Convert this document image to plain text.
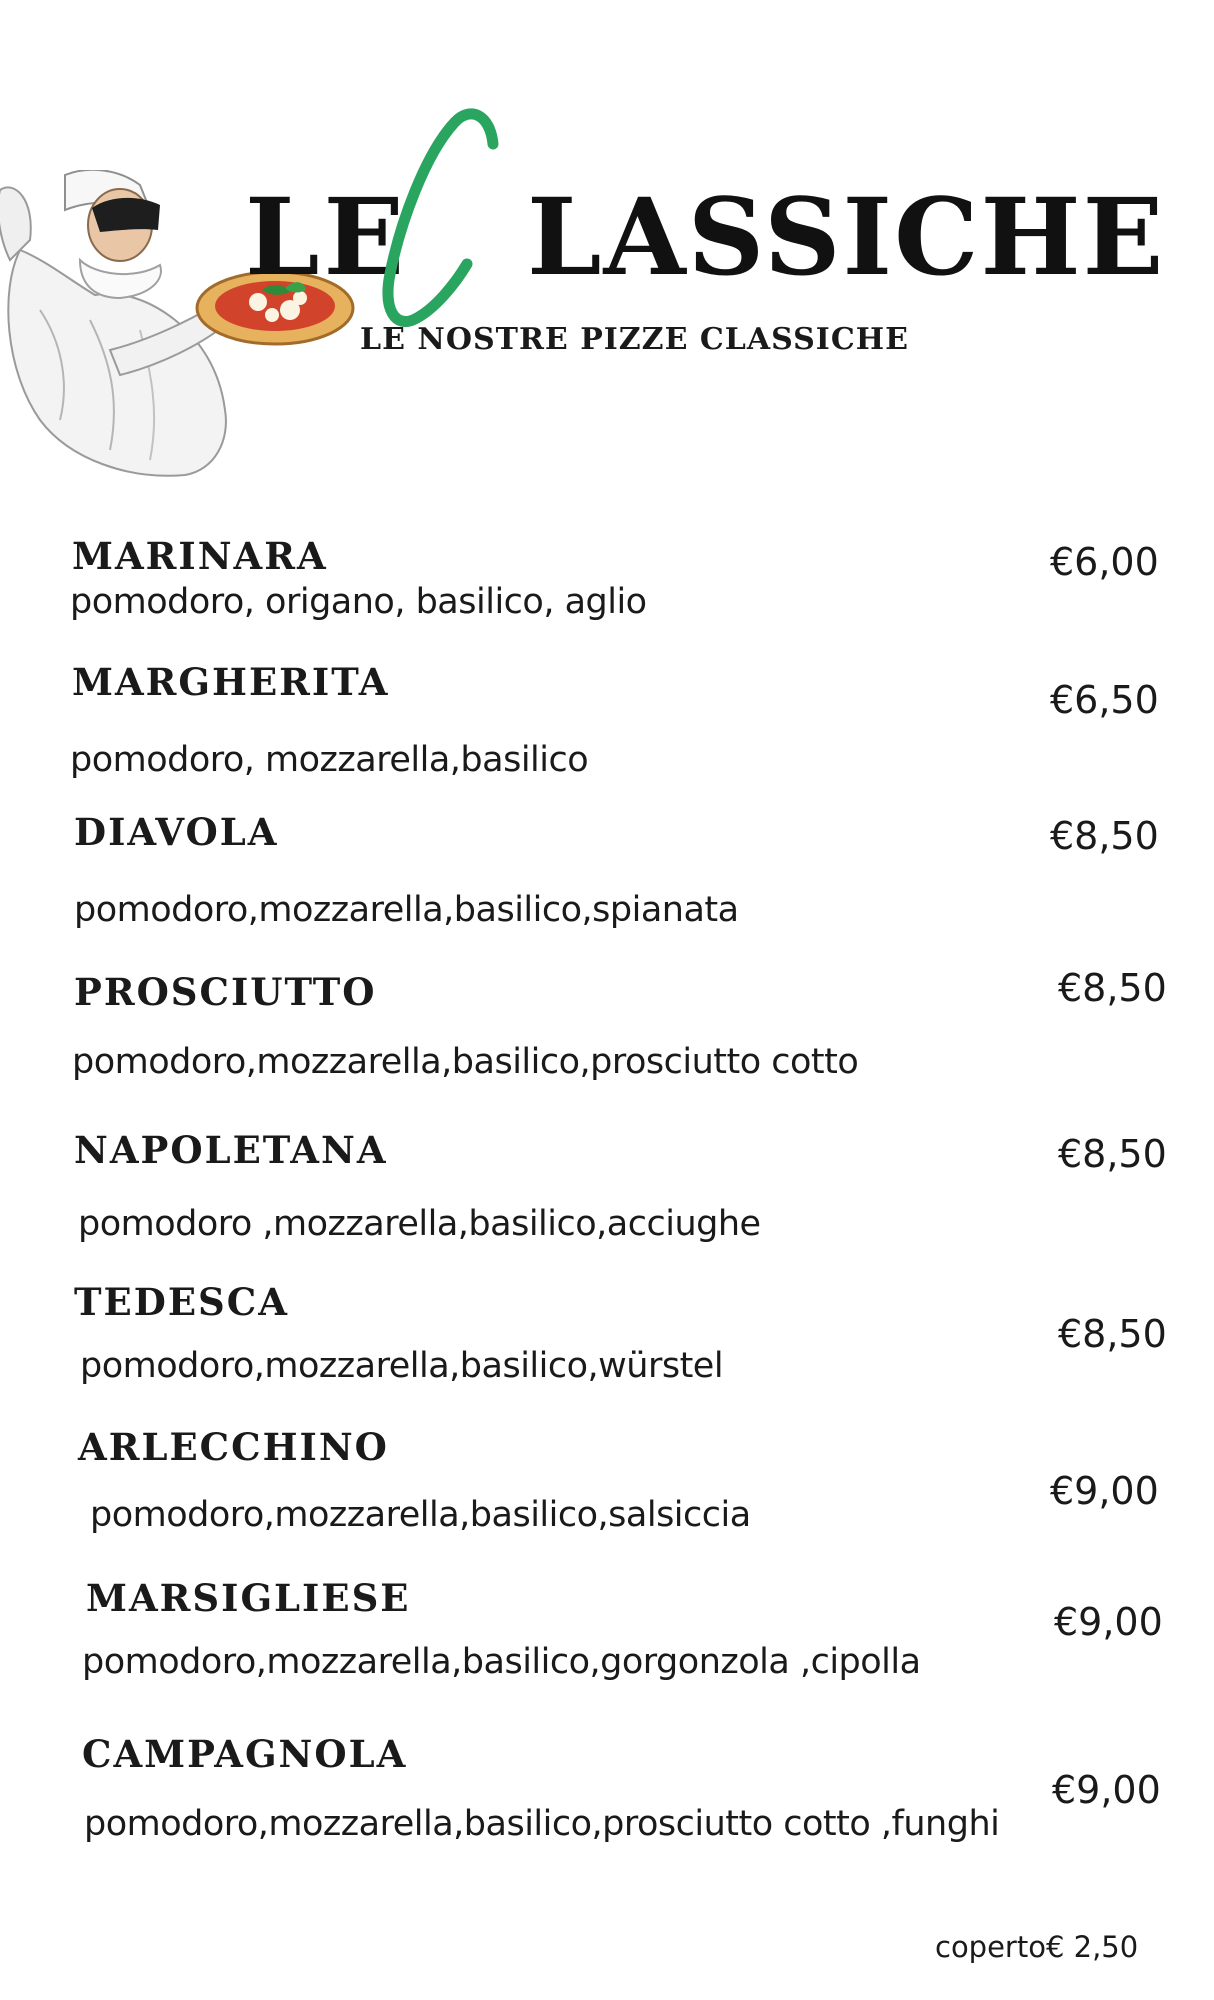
LE LASSICHE
LE NOSTRE PIZZE CLASSICHE
MARINARA
pomodoro, origano, basilico, aglio
€6,00
MARGHERITA
pomodoro, mozzarella,basilico
€6,50
DIAVOLA
pomodoro,mozzarella,basilico,spianata
€8,50
PROSCIUTTO
pomodoro,mozzarella,basilico,prosciutto cotto
€8,50
NAPOLETANA
pomodoro ,mozzarella,basilico,acciughe
€8,50
TEDESCA
pomodoro,mozzarella,basilico,würstel
€8,50
ARLECCHINO
pomodoro,mozzarella,basilico,salsiccia
€9,00
MARSIGLIESE
pomodoro,mozzarella,basilico,gorgonzola ,cipolla
€9,00
CAMPAGNOLA
pomodoro,mozzarella,basilico,prosciutto cotto ,funghi
€9,00
coperto€ 2,50
